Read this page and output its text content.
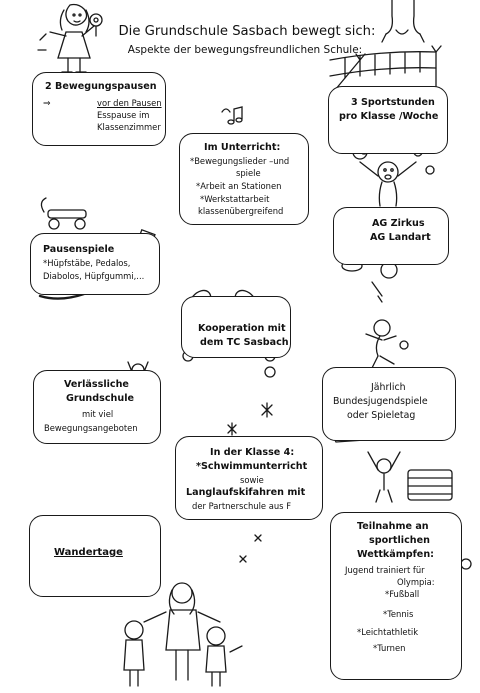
Die Grundschule Sasbach bewegt sich:
Aspekte der bewegungsfreundlichen Schule:
2 Bewegungspausen
vor den Pausen
⇒
Esspause im
Klassenzimmer
Im Unterricht:
*Bewegungslieder –und
spiele
*Arbeit an Stationen
*Werkstattarbeit
klassenübergreifend
3 Sportstunden
pro Klasse /Woche
Pausenspiele
*Hüpfstäbe, Pedalos,
Diabolos, Hüpfgummi,...
AG Zirkus
AG Landart
Kooperation mit
dem TC Sasbach
Verlässliche
Grundschule
mit viel
Bewegungsangeboten
Jährlich
Bundesjugendspiele
oder Spieletag
In der Klasse 4:
*Schwimmunterricht
sowie
Langlaufskifahren mit
der Partnerschule aus F
Wandertage
Teilnahme an
sportlichen
Wettkämpfen:
Jugend trainiert für
Olympia:
*Fußball
*Tennis
*Leichtathletik
*Turnen
